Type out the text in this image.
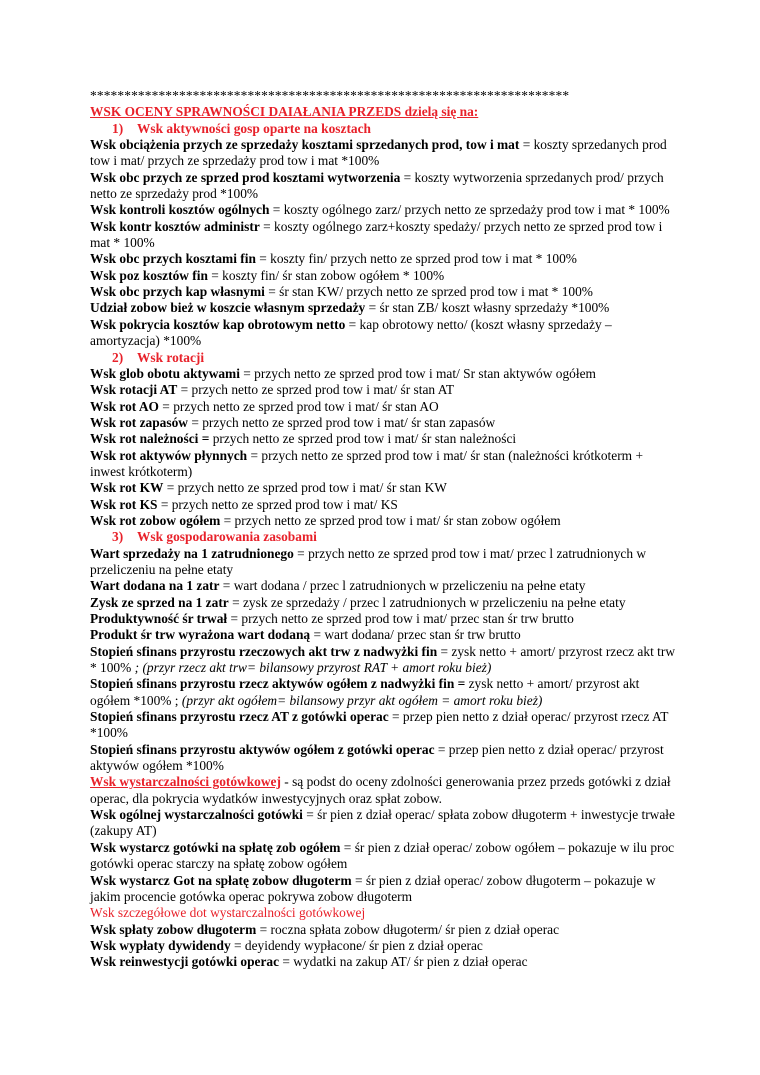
**********************************************************************
WSK OCENY SPRAWNOŚCI DAIAŁANIA PRZEDS dzielą się na:
1) Wsk aktywności gosp oparte na kosztach
Wsk obciążenia przych ze sprzedaży kosztami sprzedanych prod, tow i mat = koszty sprzedanych prod tow i mat/ przych ze sprzedaży prod tow i mat *100%
Wsk obc przych ze sprzed prod kosztami wytworzenia = koszty wytworzenia sprzedanych prod/ przych netto ze sprzedaży prod *100%
Wsk kontroli kosztów ogólnych = koszty ogólnego zarz/ przych netto ze sprzedaży prod tow i mat * 100%
Wsk kontr kosztów administr = koszty ogólnego zarz+koszty spedaży/ przych netto ze sprzed prod tow i mat * 100%
Wsk obc przych kosztami fin = koszty fin/ przych netto ze sprzed prod tow i mat * 100%
Wsk poz kosztów fin = koszty fin/ śr stan zobow ogółem * 100%
Wsk obc przych kap własnymi = śr stan KW/ przych netto ze sprzed prod tow i mat * 100%
Udział zobow bież w koszcie własnym sprzedaży = śr stan ZB/ koszt własny sprzedaży *100%
Wsk pokrycia kosztów kap obrotowym netto = kap obrotowy netto/ (koszt własny sprzedaży – amortyzacja) *100%
2) Wsk rotacji
Wsk glob obotu aktywami = przych netto ze sprzed prod tow i mat/ Sr stan aktywów ogółem
Wsk rotacji AT = przych netto ze sprzed prod tow i mat/ śr stan AT
Wsk rot AO = przych netto ze sprzed prod tow i mat/ śr stan AO
Wsk rot zapasów = przych netto ze sprzed prod tow i mat/ śr stan zapasów
Wsk rot należności = przych netto ze sprzed prod tow i mat/ śr stan należności
Wsk rot aktywów płynnych = przych netto ze sprzed prod tow i mat/ śr stan (należności krótkoterm + inwest krótkoterm)
Wsk rot KW = przych netto ze sprzed prod tow i mat/ śr stan KW
Wsk rot KS = przych netto ze sprzed prod tow i mat/ KS
Wsk rot zobow ogółem = przych netto ze sprzed prod tow i mat/ śr stan zobow ogółem
3) Wsk gospodarowania zasobami
Wart sprzedaży na 1 zatrudnionego = przych netto ze sprzed prod tow i mat/ przec l zatrudnionych w przeliczeniu na pełne etaty
Wart dodana na 1 zatr = wart dodana / przec l zatrudnionych w przeliczeniu na pełne etaty
Zysk ze sprzed na 1 zatr = zysk ze sprzedaży / przec l zatrudnionych w przeliczeniu na pełne etaty
Produktywność śr trwał = przych netto ze sprzed prod tow i mat/ przec stan śr trw brutto
Produkt śr trw wyrażona wart dodaną = wart dodana/ przec stan śr trw brutto
Stopień sfinans przyrostu rzeczowych akt trw z nadwyżki fin = zysk netto + amort/ przyrost rzecz akt trw * 100% ; (przyr rzecz akt trw= bilansowy przyrost RAT + amort roku bież)
Stopień sfinans przyrostu rzecz aktywów ogółem z nadwyżki fin = zysk netto + amort/ przyrost akt ogółem *100% ; (przyr akt ogółem= bilansowy przyr akt ogółem = amort roku bież)
Stopień sfinans przyrostu rzecz AT z gotówki operac = przep pien netto z dział operac/ przyrost rzecz AT *100%
Stopień sfinans przyrostu aktywów ogółem z gotówki operac = przep pien netto z dział operac/ przyrost aktywów ogółem *100%
Wsk wystarczalności gotówkowej - są podst do oceny zdolności generowania przez przeds gotówki z dział operac, dla pokrycia wydatków inwestycyjnych oraz spłat zobow.
Wsk ogólnej wystarczalności gotówki = śr pien z dział operac/ spłata zobow długoterm + inwestycje trwałe (zakupy AT)
Wsk wystarcz gotówki na spłatę zob ogółem = śr pien z dział operac/ zobow ogółem – pokazuje w ilu proc gotówki operac starczy na spłatę zobow ogółem
Wsk wystarcz Got na spłatę zobow długoterm = śr pien z dział operac/ zobow długoterm – pokazuje w jakim procencie gotówka operac pokrywa zobow długoterm
Wsk szczegółowe dot wystarczalności gotówkowej
Wsk spłaty zobow długoterm = roczna spłata zobow długoterm/ śr pien z dział operac
Wsk wypłaty dywidendy = deyidendy wypłacone/ śr pien z dział operac
Wsk reinwestycji gotówki operac = wydatki na zakup AT/ śr pien z dział operac
